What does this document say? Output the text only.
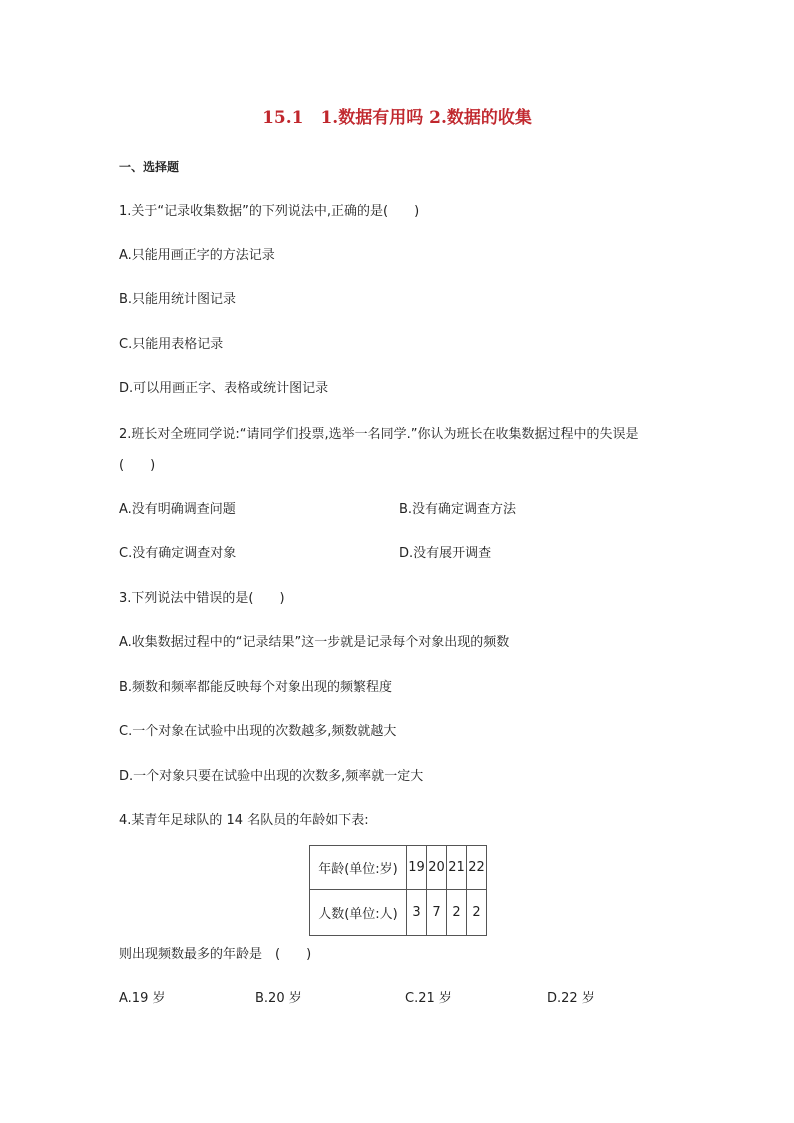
15.1　1.数据有用吗 2.数据的收集
一、选择题
1.关于“记录收集数据”的下列说法中,正确的是(　　)
A.只能用画正字的方法记录
B.只能用统计图记录
C.只能用表格记录
D.可以用画正字、表格或统计图记录
2.班长对全班同学说:“请同学们投票,选举一名同学.”你认为班长在收集数据过程中的失误是
(　　)
A.没有明确调查问题	B.没有确定调查方法
C.没有确定调查对象	D.没有展开调查
3.下列说法中错误的是(　　)
A.收集数据过程中的“记录结果”这一步就是记录每个对象出现的频数
B.频数和频率都能反映每个对象出现的频繁程度
C.一个对象在试验中出现的次数越多,频数就越大
D.一个对象只要在试验中出现的次数多,频率就一定大
4.某青年足球队的 14 名队员的年龄如下表:
年龄(单位:岁)	19	20	21	22
人数(单位:人)	3	7	2	2
则出现频数最多的年龄是　(　　)
A.19 岁	B.20 岁	C.21 岁	D.22 岁
